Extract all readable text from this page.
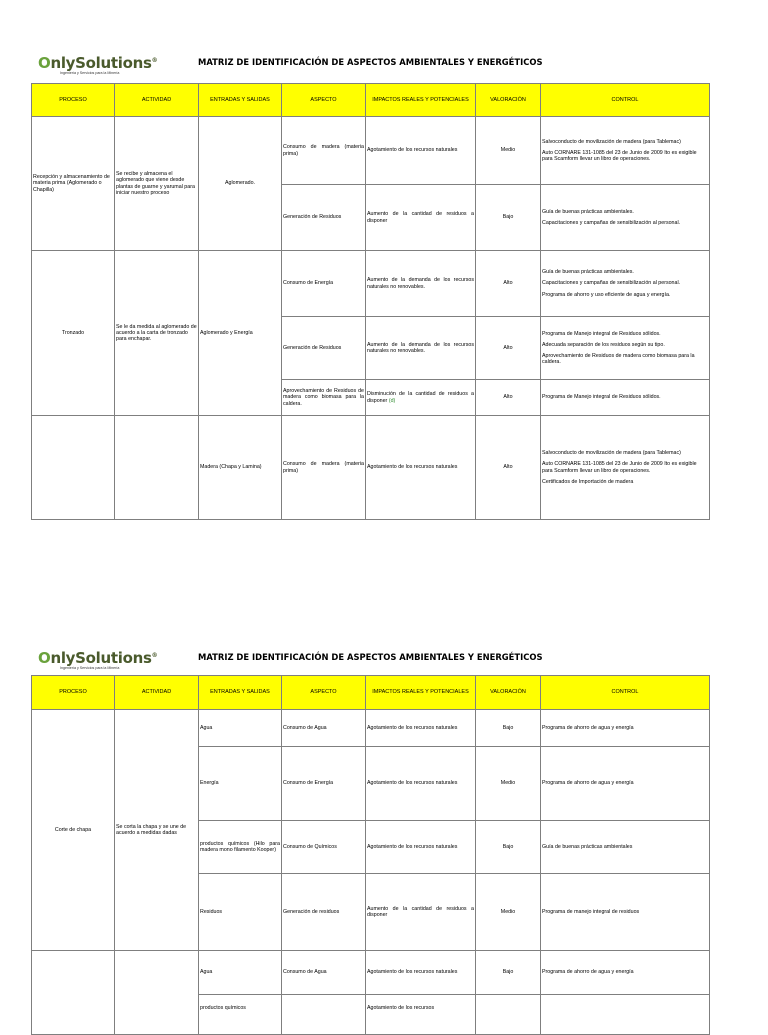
OnlySolutions®
Ingeniería y Servicios para la Minería
MATRIZ DE IDENTIFICACIÓN DE ASPECTOS AMBIENTALES Y ENERGÉTICOS
PROCESO	ACTIVIDAD	ENTRADAS Y SALIDAS	ASPECTO	IMPACTOS REALES Y POTENCIALES	VALORACIÓN	CONTROL
Recepción y almacenamiento de materia prima (Aglomerado o Chapilla)	Se recibe y almacena el aglomerado que viene desde plantas de guarne y yarumal para iniciar nuestro proceso	Aglomerado.	Consumo de madera (materia prima)	Agotamiento de los recursos naturales	Medio	Salvoconducto de movilización de madera (para Tablemac)

Auto CORNARE 131-1085 del 23 de Junio de 2009 Ito es exigible para Scamform llevar un libro de operaciones.

			Generación de Residuos	Aumento de la cantidad de residuos a disponer	Bajo	Guía de buenas prácticas ambientales.

Capacitaciones y campañas de sensibilización al personal.

Tronzado	Se le da medida al aglomerado de acuerdo a la carta de tronzado para enchapar.	Aglomerado y Energía	Consumo de Energía	Aumento de la demanda de los recursos naturales no renovables.	Alto	Guía de buenas prácticas ambientales.

Capacitaciones y campañas de sensibilización al personal.

Programa de ahorro y uso eficiente de agua y energía.

			Generación de Residuos	Aumento de la demanda de los recursos naturales no renovables.	Alto	Programa de Manejo integral de Residuos sólidos.

Adecuada separación de los residuos según su tipo.

Aprovechamiento de Residuos de madera como biomasa para la caldera.

			Aprovechamiento de Residuos de madera como biomasa para la caldera.	Disminución de la cantidad de residuos a disponer (d)	Alto	Programa de Manejo integral de Residuos sólidos.

		Madera (Chapa y Lamina)	Consumo de madera (materia prima)	Agotamiento de los recursos naturales	Alto	Salvoconducto de movilización de madera (para Tablemac)

Auto CORNARE 131-1085 del 23 de Junio de 2009 Ito es exigible para Scamform llevar un libro de operaciones.

Certificados de Importación de madera

OnlySolutions®
Ingeniería y Servicios para la Minería
MATRIZ DE IDENTIFICACIÓN DE ASPECTOS AMBIENTALES Y ENERGÉTICOS
PROCESO	ACTIVIDAD	ENTRADAS Y SALIDAS	ASPECTO	IMPACTOS REALES Y POTENCIALES	VALORACIÓN	CONTROL
Corte de chapa	Se corta la chapa y se une de acuerdo a medidas dadas	Agua	Consumo de Agua	Agotamiento de los recursos naturales	Bajo	Programa de ahorro de agua y energía
		Energía	Consumo de Energía	Agotamiento de los recursos naturales	Medio	Programa de ahorro de agua y energía
		productos químicos (Hilo para madera mono filamento Kooper)	Consumo de Químicos	Agotamiento de los recursos naturales	Bajo	Guía de buenas prácticas ambientales
		Residuos	Generación de residuos	Aumento de la cantidad de residuos a disponer	Medio	Programa de manejo integral de residuos
		Agua	Consumo de Agua	Agotamiento de los recursos naturales	Bajo	Programa de ahorro de agua y energía
		productos químicos		Agotamiento de los recursos		
